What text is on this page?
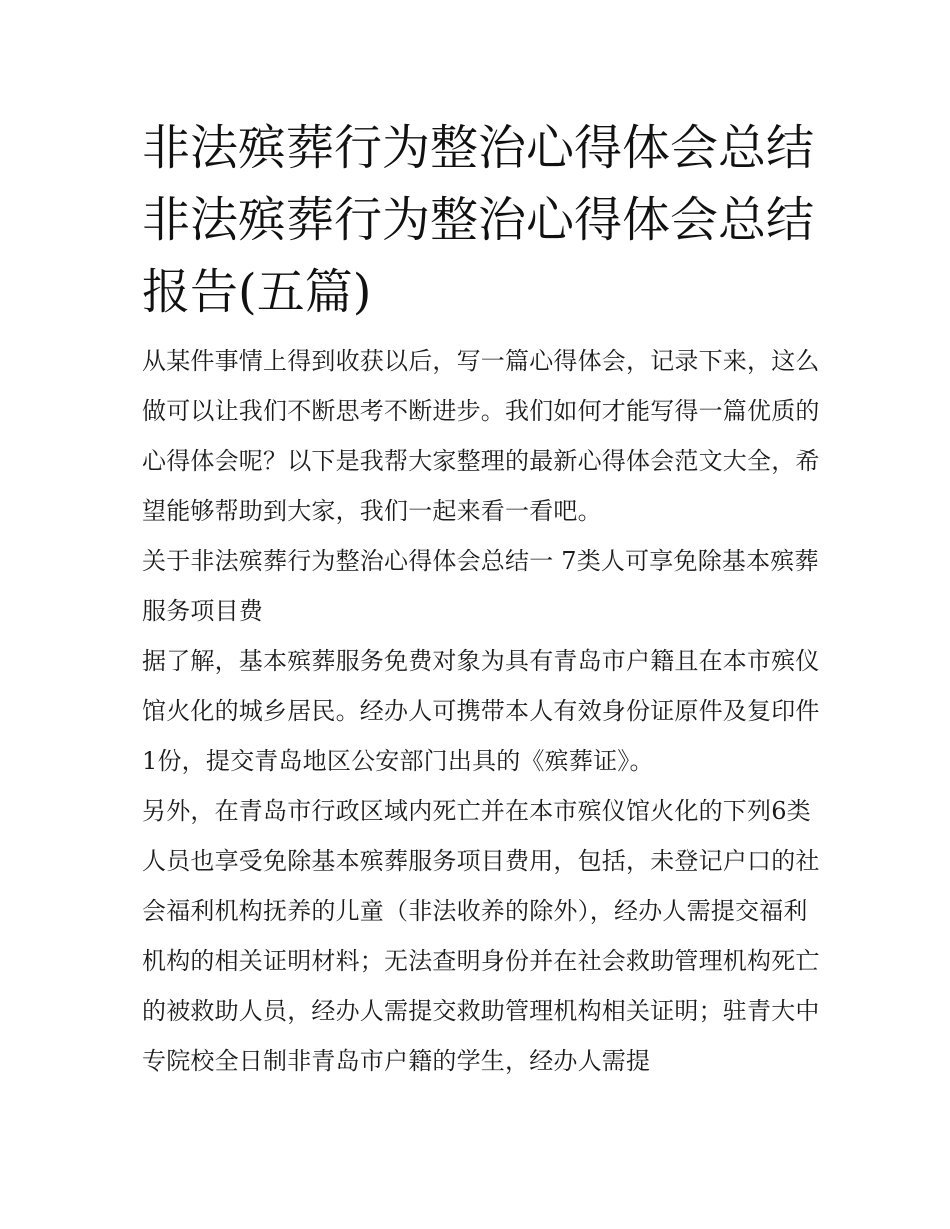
非法殡葬行为整治心得体会总结 非法殡葬行为整治心得体会总结报告(五篇)

从某件事情上得到收获以后，写一篇心得体会，记录下来，这么做可以让我们不断思考不断进步。我们如何才能写得一篇优质的心得体会呢？以下是我帮大家整理的最新心得体会范文大全，希望能够帮助到大家，我们一起来看一看吧。

关于非法殡葬行为整治心得体会总结一 7类人可享免除基本殡葬服务项目费

据了解，基本殡葬服务免费对象为具有青岛市户籍且在本市殡仪馆火化的城乡居民。经办人可携带本人有效身份证原件及复印件1份，提交青岛地区公安部门出具的《殡葬证》。

另外，在青岛市行政区域内死亡并在本市殡仪馆火化的下列6类人员也享受免除基本殡葬服务项目费用，包括，未登记户口的社会福利机构抚养的儿童（非法收养的除外），经办人需提交福利机构的相关证明材料；无法查明身份并在社会救助管理机构死亡的被救助人员，经办人需提交救助管理机构相关证明；驻青大中专院校全日制非青岛市户籍的学生，经办人需提
